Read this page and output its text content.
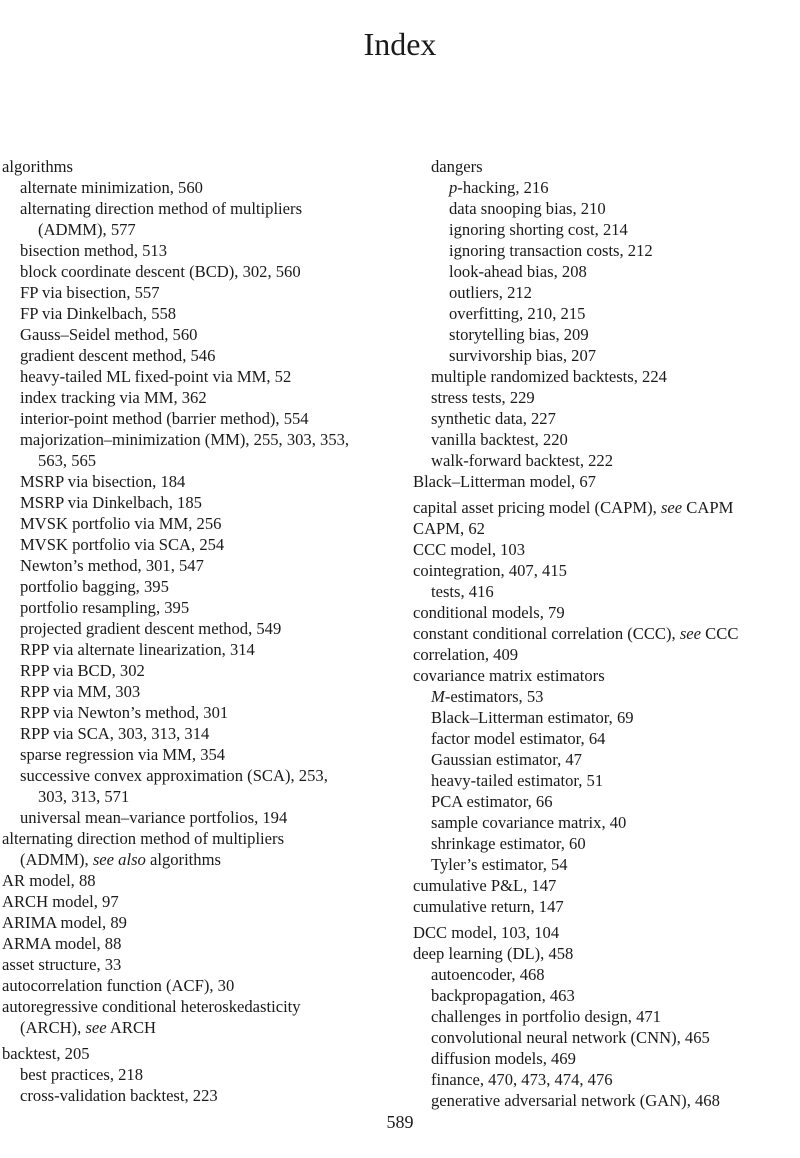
Index
algorithms
alternate minimization, 560
alternating direction method of multipliers
(ADMM), 577
bisection method, 513
block coordinate descent (BCD), 302, 560
FP via bisection, 557
FP via Dinkelbach, 558
Gauss–Seidel method, 560
gradient descent method, 546
heavy-tailed ML fixed-point via MM, 52
index tracking via MM, 362
interior-point method (barrier method), 554
majorization–minimization (MM), 255, 303, 353,
563, 565
MSRP via bisection, 184
MSRP via Dinkelbach, 185
MVSK portfolio via MM, 256
MVSK portfolio via SCA, 254
Newton’s method, 301, 547
portfolio bagging, 395
portfolio resampling, 395
projected gradient descent method, 549
RPP via alternate linearization, 314
RPP via BCD, 302
RPP via MM, 303
RPP via Newton’s method, 301
RPP via SCA, 303, 313, 314
sparse regression via MM, 354
successive convex approximation (SCA), 253,
303, 313, 571
universal mean–variance portfolios, 194
alternating direction method of multipliers
(ADMM), see also algorithms
AR model, 88
ARCH model, 97
ARIMA model, 89
ARMA model, 88
asset structure, 33
autocorrelation function (ACF), 30
autoregressive conditional heteroskedasticity
(ARCH), see ARCH
backtest, 205
best practices, 218
cross-validation backtest, 223
dangers
p-hacking, 216
data snooping bias, 210
ignoring shorting cost, 214
ignoring transaction costs, 212
look-ahead bias, 208
outliers, 212
overfitting, 210, 215
storytelling bias, 209
survivorship bias, 207
multiple randomized backtests, 224
stress tests, 229
synthetic data, 227
vanilla backtest, 220
walk-forward backtest, 222
Black–Litterman model, 67
capital asset pricing model (CAPM), see CAPM
CAPM, 62
CCC model, 103
cointegration, 407, 415
tests, 416
conditional models, 79
constant conditional correlation (CCC), see CCC
correlation, 409
covariance matrix estimators
M-estimators, 53
Black–Litterman estimator, 69
factor model estimator, 64
Gaussian estimator, 47
heavy-tailed estimator, 51
PCA estimator, 66
sample covariance matrix, 40
shrinkage estimator, 60
Tyler’s estimator, 54
cumulative P&L, 147
cumulative return, 147
DCC model, 103, 104
deep learning (DL), 458
autoencoder, 468
backpropagation, 463
challenges in portfolio design, 471
convolutional neural network (CNN), 465
diffusion models, 469
finance, 470, 473, 474, 476
generative adversarial network (GAN), 468
589
